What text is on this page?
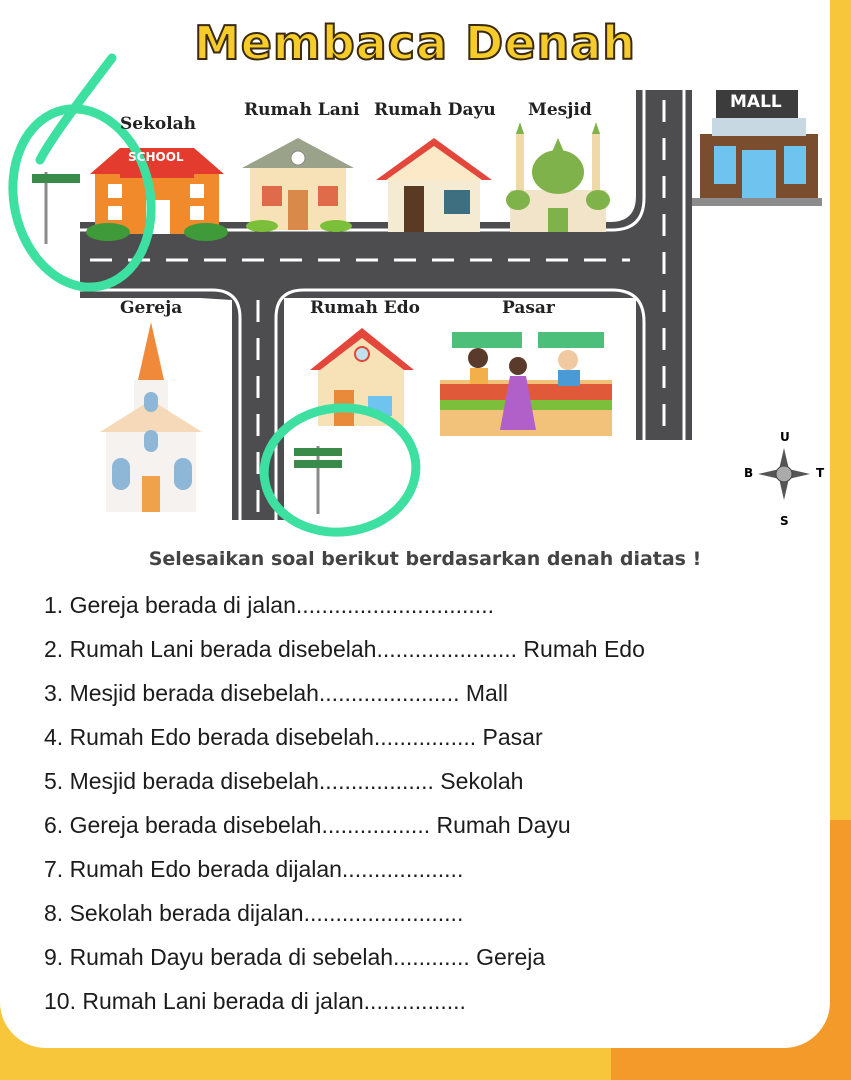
Membaca Denah
Sekolah
SCHOOL
Rumah Lani Rumah Dayu Mesjid	MALL
Gereja	Rumah Edo	Pasar
U
S
B	T
Selesaikan soal berikut berdasarkan denah diatas !
1. Gereja berada di jalan...............................
2. Rumah Lani berada disebelah...................... Rumah Edo
3. Mesjid berada disebelah...................... Mall
4. Rumah Edo berada disebelah................ Pasar
5. Mesjid berada disebelah.................. Sekolah
6. Gereja berada disebelah................. Rumah Dayu
7. Rumah Edo berada dijalan...................
8. Sekolah berada dijalan.........................
9. Rumah Dayu berada di sebelah............ Gereja
10. Rumah Lani berada di jalan................
